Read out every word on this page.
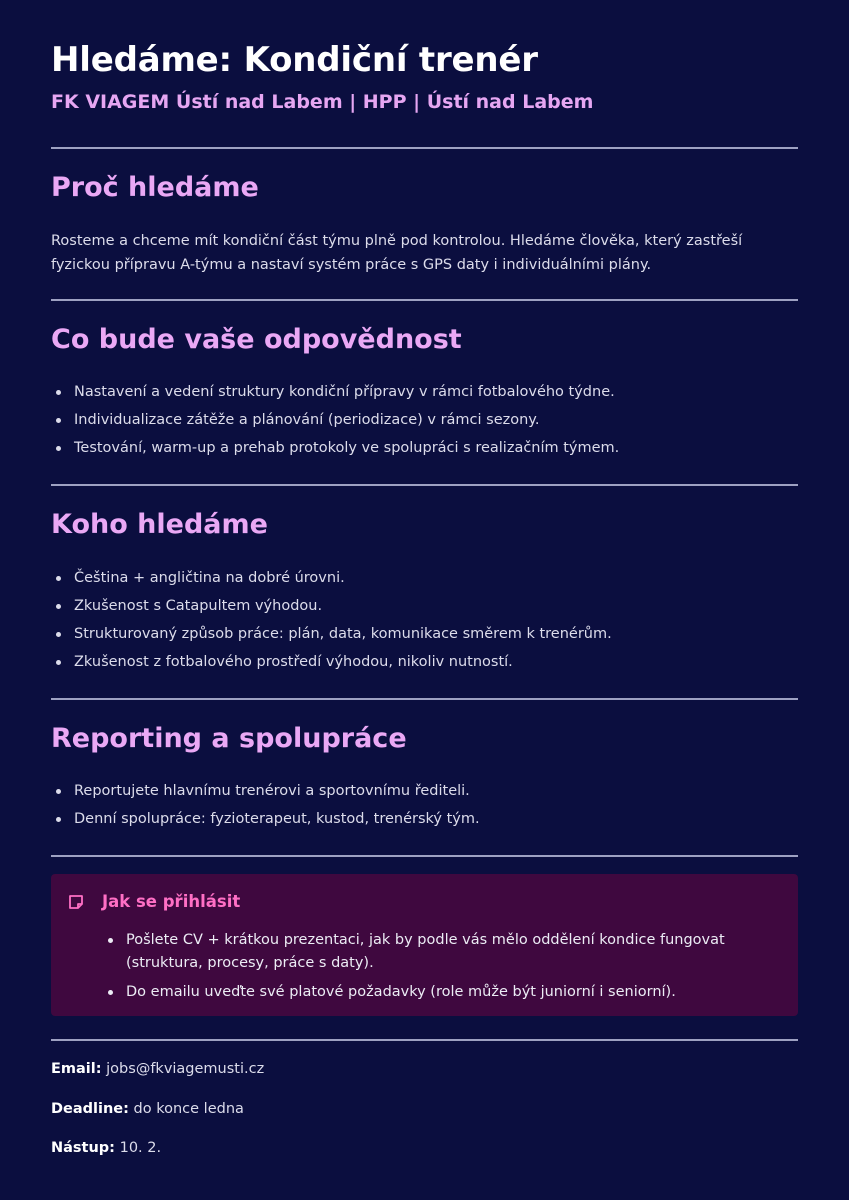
Hledáme: Kondiční trenér

FK VIAGEM Ústí nad Labem | HPP | Ústí nad Labem

Proč hledáme

Rosteme a chceme mít kondiční část týmu plně pod kontrolou. Hledáme člověka, který zastřeší fyzickou přípravu A-týmu a nastaví systém práce s GPS daty i individuálními plány.

Co bude vaše odpovědnost
Nastavení a vedení struktury kondiční přípravy v rámci fotbalového týdne.
Individualizace zátěže a plánování (periodizace) v rámci sezony.
Testování, warm-up a prehab protokoly ve spolupráci s realizačním týmem.
Koho hledáme
Čeština + angličtina na dobré úrovni.
Zkušenost s Catapultem výhodou.
Strukturovaný způsob práce: plán, data, komunikace směrem k trenérům.
Zkušenost z fotbalového prostředí výhodou, nikoliv nutností.
Reporting a spolupráce
Reportujete hlavnímu trenérovi a sportovnímu řediteli.
Denní spolupráce: fyzioterapeut, kustod, trenérský tým.
Jak se přihlásit
Pošlete CV + krátkou prezentaci, jak by podle vás mělo oddělení kondice fungovat (struktura, procesy, práce s daty).
Do emailu uveďte své platové požadavky (role může být juniorní i seniorní).

Email: jobs@fkviagemusti.cz

Deadline: do konce ledna

Nástup: 10. 2.
